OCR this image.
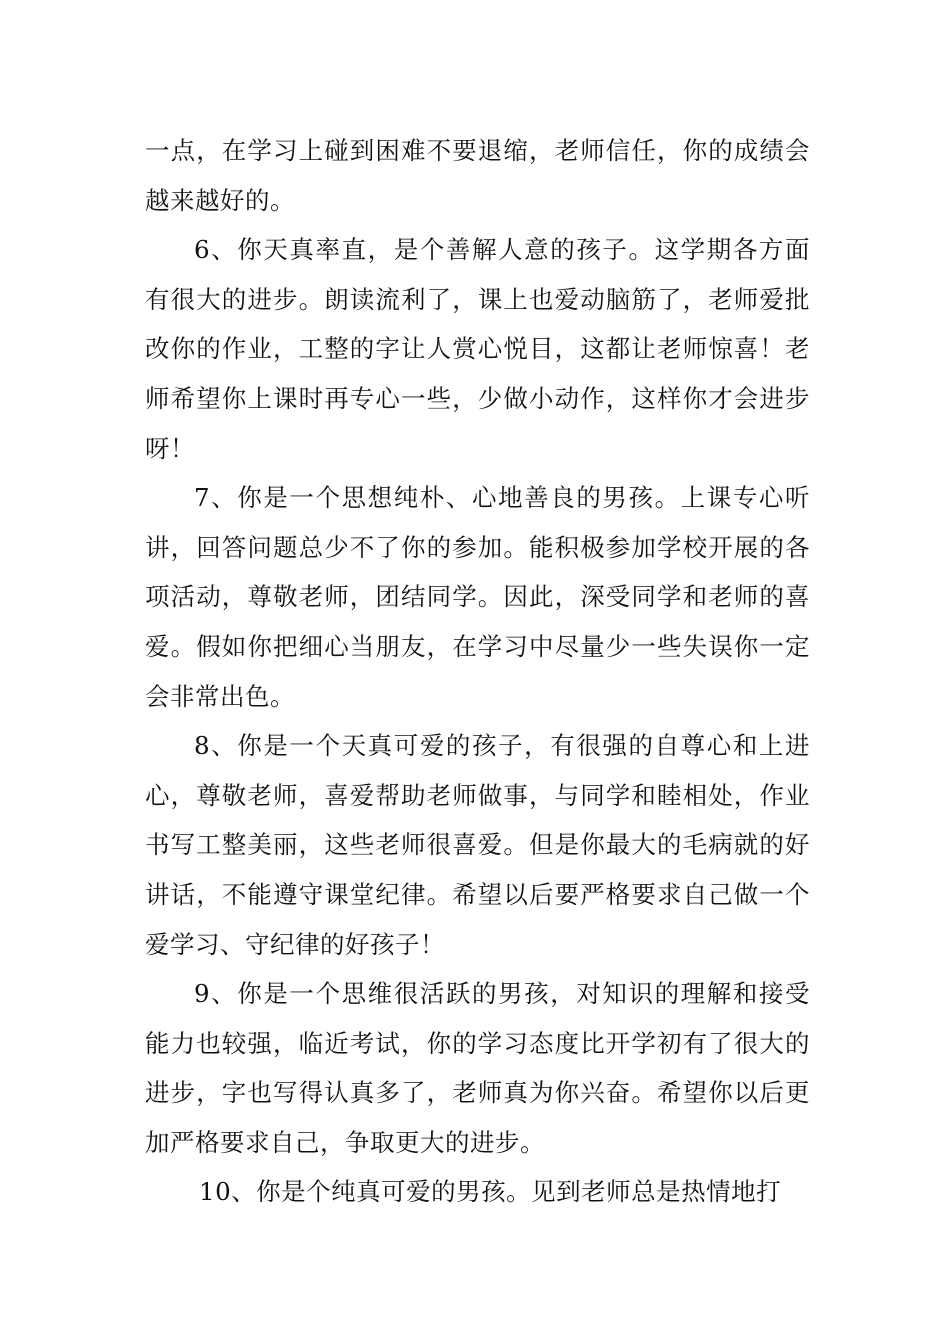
一点，在学习上碰到困难不要退缩，老师信任，你的成绩会越来越好的。

6、你天真率直，是个善解人意的孩子。这学期各方面有很大的进步。朗读流利了，课上也爱动脑筋了，老师爱批改你的作业，工整的字让人赏心悦目，这都让老师惊喜！老师希望你上课时再专心一些，少做小动作，这样你才会进步呀！

7、你是一个思想纯朴、心地善良的男孩。上课专心听讲，回答问题总少不了你的参加。能积极参加学校开展的各项活动，尊敬老师，团结同学。因此，深受同学和老师的喜爱。假如你把细心当朋友，在学习中尽量少一些失误你一定会非常出色。

8、你是一个天真可爱的孩子，有很强的自尊心和上进心，尊敬老师，喜爱帮助老师做事，与同学和睦相处，作业书写工整美丽，这些老师很喜爱。但是你最大的毛病就的好讲话，不能遵守课堂纪律。希望以后要严格要求自己做一个爱学习、守纪律的好孩子！

9、你是一个思维很活跃的男孩，对知识的理解和接受能力也较强，临近考试，你的学习态度比开学初有了很大的进步，字也写得认真多了，老师真为你兴奋。希望你以后更加严格要求自己，争取更大的进步。

10、你是个纯真可爱的男孩。见到老师总是热情地打
